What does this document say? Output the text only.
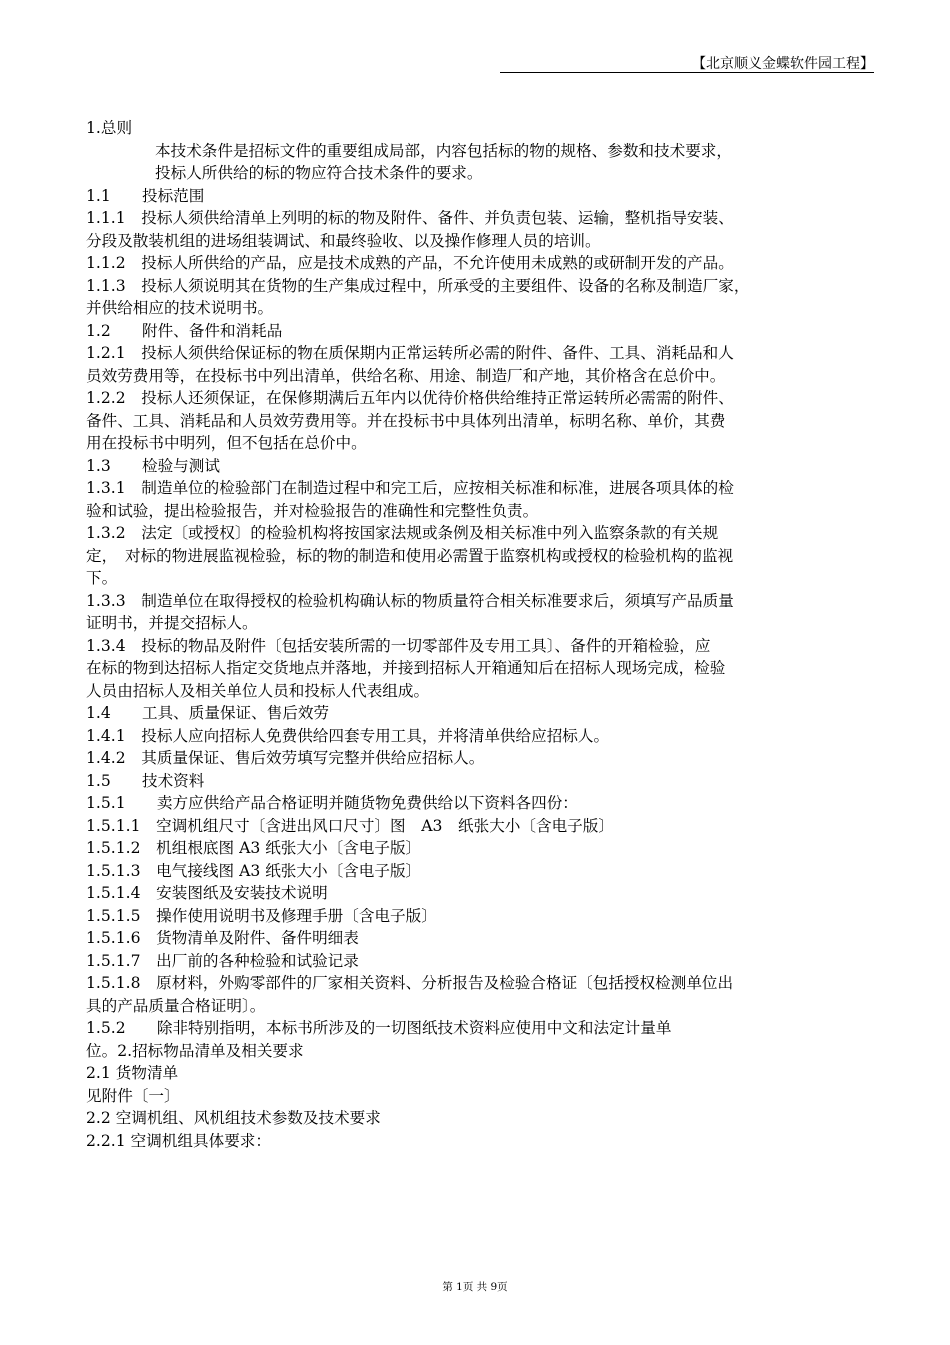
【北京顺义金蝶软件园工程】
1.总则
本技术条件是招标文件的重要组成局部，内容包括标的物的规格、参数和技术要求，
投标人所供给的标的物应符合技术条件的要求。
1.1　　投标范围
1.1.1　投标人须供给清单上列明的标的物及附件、备件、并负责包装、运输，整机指导安装、
分段及散装机组的进场组装调试、和最终验收、以及操作修理人员的培训。
1.1.2　投标人所供给的产品，应是技术成熟的产品，不允许使用未成熟的或研制开发的产品。
1.1.3　投标人须说明其在货物的生产集成过程中，所承受的主要组件、设备的名称及制造厂家，
并供给相应的技术说明书。
1.2　　附件、备件和消耗品
1.2.1　投标人须供给保证标的物在质保期内正常运转所必需的附件、备件、工具、消耗品和人
员效劳费用等，在投标书中列出清单，供给名称、用途、制造厂和产地，其价格含在总价中。
1.2.2　投标人还须保证，在保修期满后五年内以优待价格供给维持正常运转所必需需的附件、
备件、工具、消耗品和人员效劳费用等。并在投标书中具体列出清单，标明名称、单价，其费
用在投标书中明列，但不包括在总价中。
1.3　　检验与测试
1.3.1　制造单位的检验部门在制造过程中和完工后，应按相关标准和标准，进展各项具体的检
验和试验，提出检验报告，并对检验报告的准确性和完整性负责。
1.3.2　法定〔或授权〕的检验机构将按国家法规或条例及相关标准中列入监察条款的有关规
定，　对标的物进展监视检验，标的物的制造和使用必需置于监察机构或授权的检验机构的监视
下。
1.3.3　制造单位在取得授权的检验机构确认标的物质量符合相关标准要求后，须填写产品质量
证明书，并提交招标人。
1.3.4　投标的物品及附件〔包括安装所需的一切零部件及专用工具〕、备件的开箱检验，应
在标的物到达招标人指定交货地点并落地，并接到招标人开箱通知后在招标人现场完成，检验
人员由招标人及相关单位人员和投标人代表组成。
1.4　　工具、质量保证、售后效劳
1.4.1　投标人应向招标人免费供给四套专用工具，并将清单供给应招标人。
1.4.2　其质量保证、售后效劳填写完整并供给应招标人。
1.5　　技术资料
1.5.1　　卖方应供给产品合格证明并随货物免费供给以下资料各四份：
1.5.1.1　空调机组尺寸〔含进出风口尺寸〕图　A3　纸张大小〔含电子版〕
1.5.1.2　机组根底图 A3 纸张大小〔含电子版〕
1.5.1.3　电气接线图 A3 纸张大小〔含电子版〕
1.5.1.4　安装图纸及安装技术说明
1.5.1.5　操作使用说明书及修理手册〔含电子版〕
1.5.1.6　货物清单及附件、备件明细表
1.5.1.7　出厂前的各种检验和试验记录
1.5.1.8　原材料，外购零部件的厂家相关资料、分析报告及检验合格证〔包括授权检测单位出
具的产品质量合格证明〕。
1.5.2　　除非特别指明，本标书所涉及的一切图纸技术资料应使用中文和法定计量单
位。2.招标物品清单及相关要求
2.1 货物清单
见附件〔一〕
2.2 空调机组、风机组技术参数及技术要求
2.2.1 空调机组具体要求：
第 1页 共 9页
